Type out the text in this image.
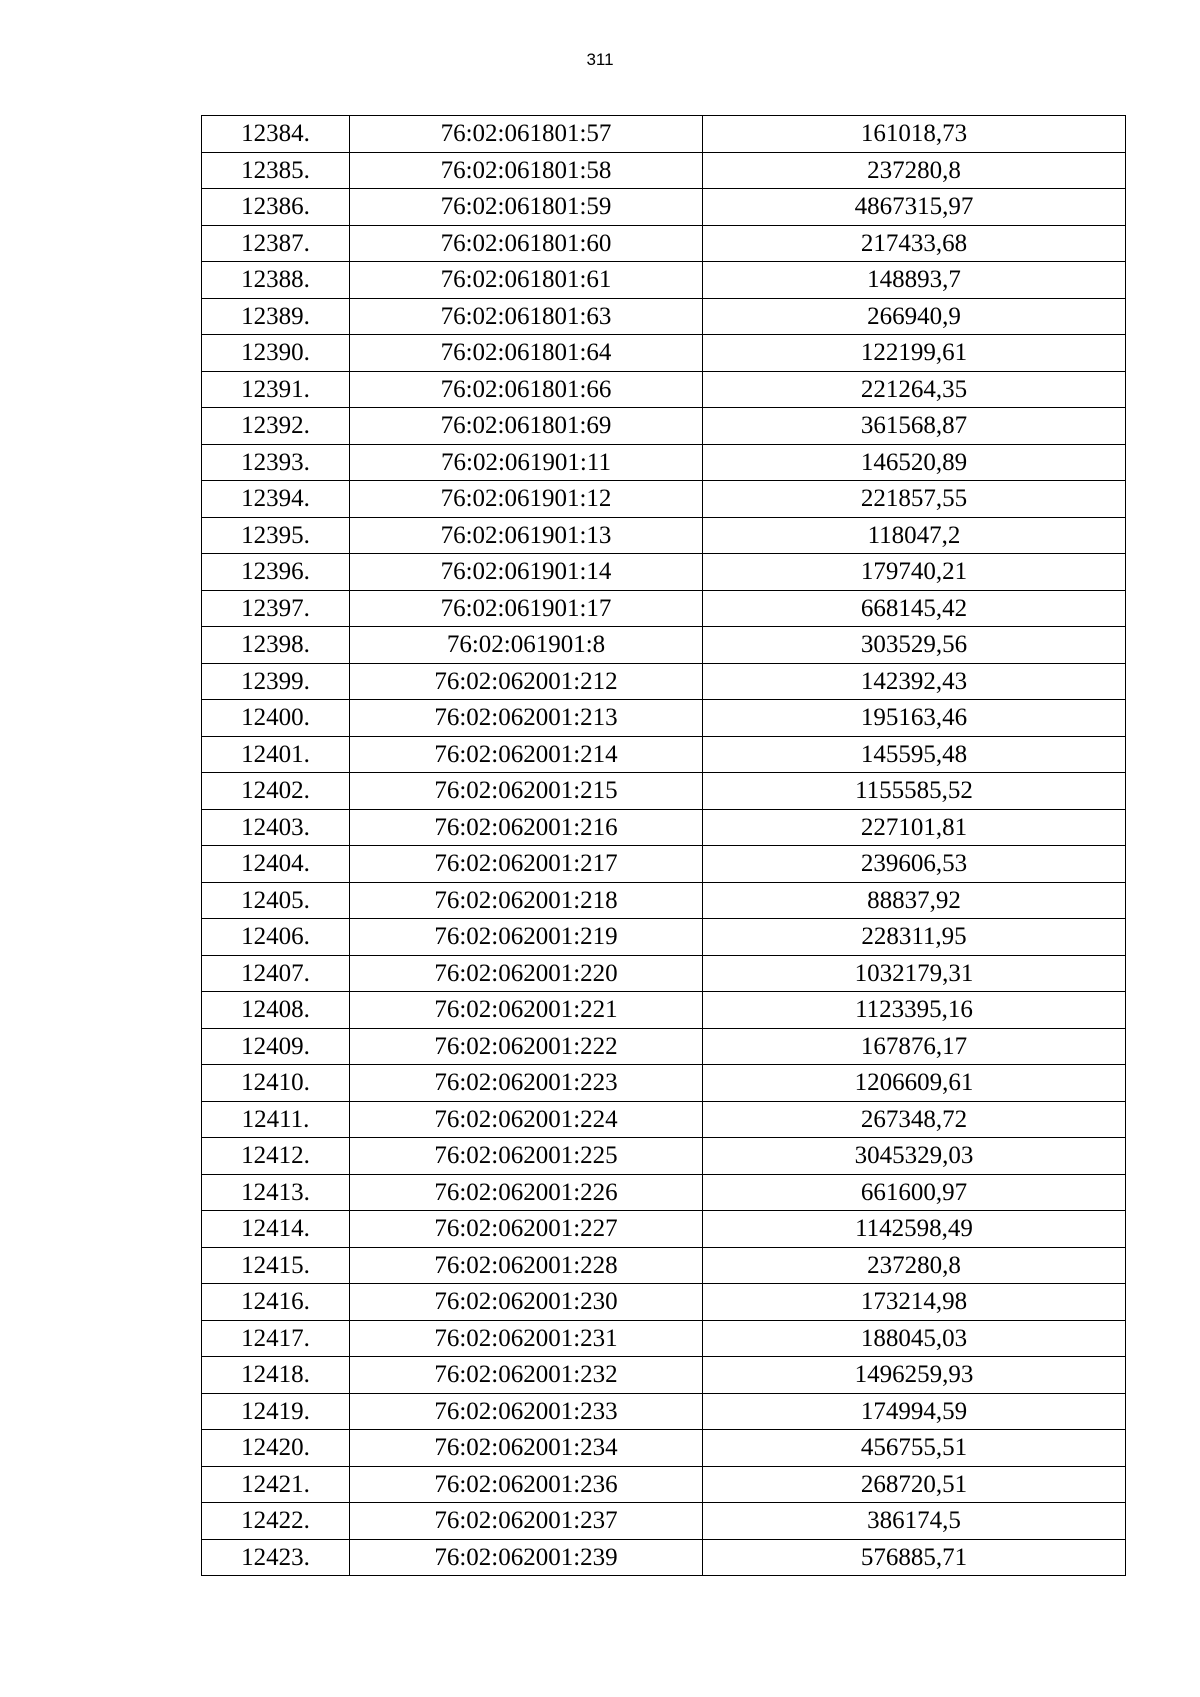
311
12384.	76:02:061801:57	161018,73
12385.	76:02:061801:58	237280,8
12386.	76:02:061801:59	4867315,97
12387.	76:02:061801:60	217433,68
12388.	76:02:061801:61	148893,7
12389.	76:02:061801:63	266940,9
12390.	76:02:061801:64	122199,61
12391.	76:02:061801:66	221264,35
12392.	76:02:061801:69	361568,87
12393.	76:02:061901:11	146520,89
12394.	76:02:061901:12	221857,55
12395.	76:02:061901:13	118047,2
12396.	76:02:061901:14	179740,21
12397.	76:02:061901:17	668145,42
12398.	76:02:061901:8	303529,56
12399.	76:02:062001:212	142392,43
12400.	76:02:062001:213	195163,46
12401.	76:02:062001:214	145595,48
12402.	76:02:062001:215	1155585,52
12403.	76:02:062001:216	227101,81
12404.	76:02:062001:217	239606,53
12405.	76:02:062001:218	88837,92
12406.	76:02:062001:219	228311,95
12407.	76:02:062001:220	1032179,31
12408.	76:02:062001:221	1123395,16
12409.	76:02:062001:222	167876,17
12410.	76:02:062001:223	1206609,61
12411.	76:02:062001:224	267348,72
12412.	76:02:062001:225	3045329,03
12413.	76:02:062001:226	661600,97
12414.	76:02:062001:227	1142598,49
12415.	76:02:062001:228	237280,8
12416.	76:02:062001:230	173214,98
12417.	76:02:062001:231	188045,03
12418.	76:02:062001:232	1496259,93
12419.	76:02:062001:233	174994,59
12420.	76:02:062001:234	456755,51
12421.	76:02:062001:236	268720,51
12422.	76:02:062001:237	386174,5
12423.	76:02:062001:239	576885,71
